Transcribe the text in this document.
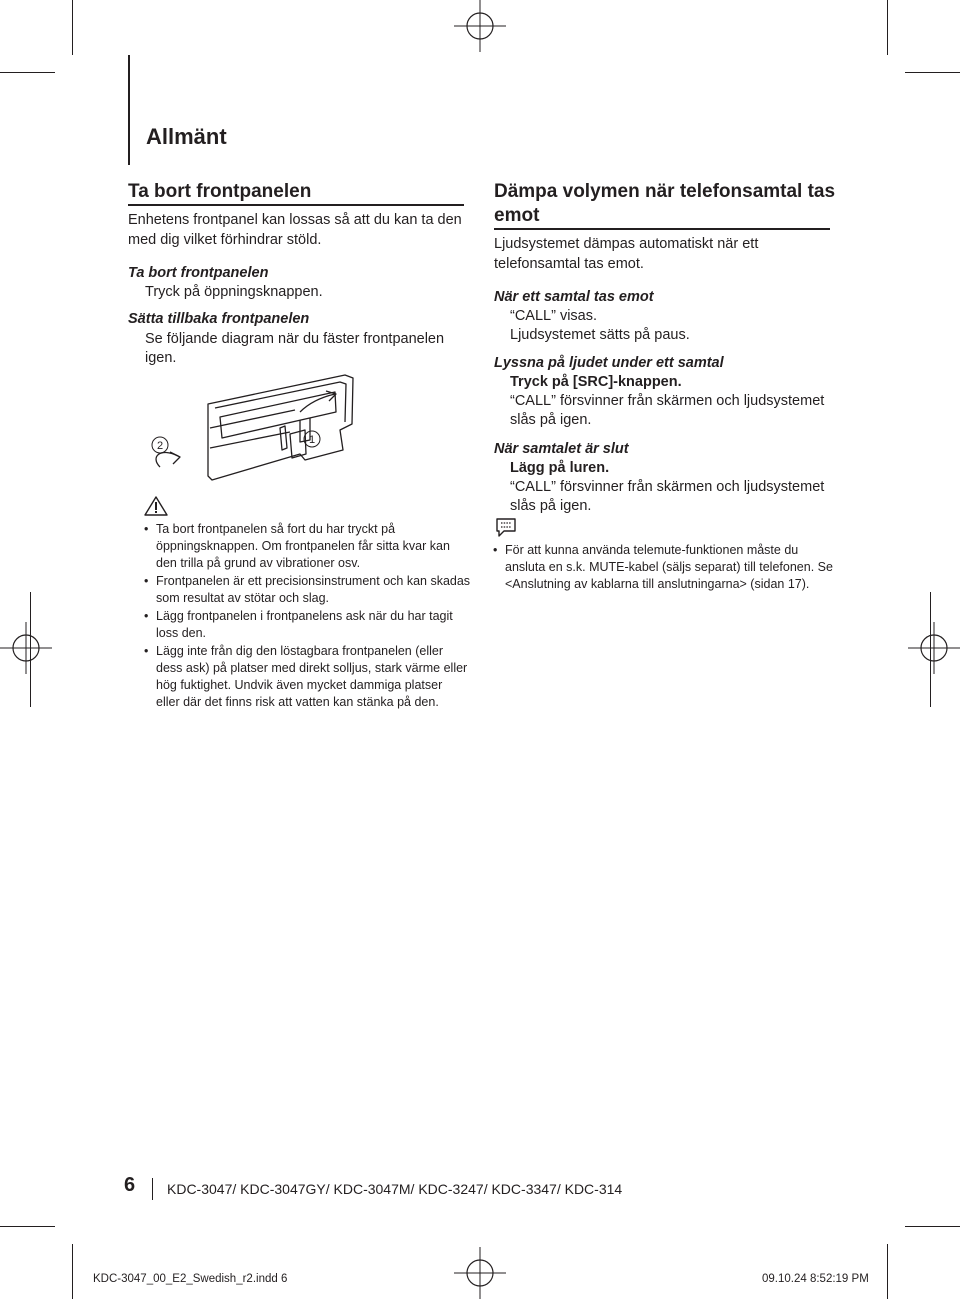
Allmänt
Ta bort frontpanelen
Enhetens frontpanel kan lossas så att du kan ta den
med dig vilket förhindrar stöld.
Ta bort frontpanelen
Tryck på öppningsknappen.
Sätta tillbaka frontpanelen
Se följande diagram när du fäster frontpanelen
igen.
2	1
• Ta bort frontpanelen så fort du har tryckt på
öppningsknappen. Om frontpanelen får sitta kvar kan
den trilla på grund av vibrationer osv.
• Frontpanelen är ett precisionsinstrument och kan skadas
som resultat av stötar och slag.
• Lägg frontpanelen i frontpanelens ask när du har tagit
loss den.
• Lägg inte från dig den löstagbara frontpanelen (eller
dess ask) på platser med direkt solljus, stark värme eller
hög fuktighet. Undvik även mycket dammiga platser
eller där det finns risk att vatten kan stänka på den.
Dämpa volymen när telefonsamtal tas
emot
Ljudsystemet dämpas automatiskt när ett
telefonsamtal tas emot.
När ett samtal tas emot
“CALL” visas.
Ljudsystemet sätts på paus.
Lyssna på ljudet under ett samtal
Tryck på [SRC]-knappen.
“CALL” försvinner från skärmen och ljudsystemet
slås på igen.
När samtalet är slut
Lägg på luren.
“CALL” försvinner från skärmen och ljudsystemet
slås på igen.
• För att kunna använda telemute-funktionen måste du
ansluta en s.k. MUTE-kabel (säljs separat) till telefonen. Se
<Anslutning av kablarna till anslutningarna> (sidan 17).
6 KDC-3047/ KDC-3047GY/ KDC-3047M/ KDC-3247/ KDC-3347/ KDC-314
KDC-3047_00_E2_Swedish_r2.indd 6	09.10.24 8:52:19 PM
